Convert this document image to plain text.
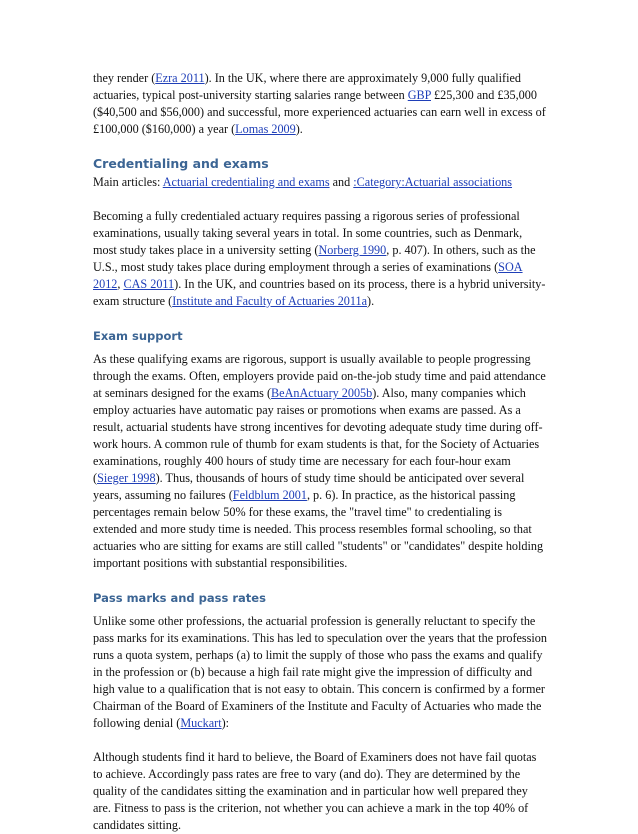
they render (Ezra 2011). In the UK, where there are approximately 9,000 fully qualified actuaries, typical post-university starting salaries range between GBP £25,300 and £35,000 ($40,500 and $56,000) and successful, more experienced actuaries can earn well in excess of £100,000 ($160,000) a year (Lomas 2009).

Credentialing and exams

Main articles: Actuarial credentialing and exams and :Category:Actuarial associations

Becoming a fully credentialed actuary requires passing a rigorous series of professional examinations, usually taking several years in total. In some countries, such as Denmark, most study takes place in a university setting (Norberg 1990, p. 407). In others, such as the U.S., most study takes place during employment through a series of examinations (SOA 2012, CAS 2011). In the UK, and countries based on its process, there is a hybrid university-exam structure (Institute and Faculty of Actuaries 2011a).

Exam support

As these qualifying exams are rigorous, support is usually available to people progressing through the exams. Often, employers provide paid on-the-job study time and paid attendance at seminars designed for the exams (BeAnActuary 2005b). Also, many companies which employ actuaries have automatic pay raises or promotions when exams are passed. As a result, actuarial students have strong incentives for devoting adequate study time during off-work hours. A common rule of thumb for exam students is that, for the Society of Actuaries examinations, roughly 400 hours of study time are necessary for each four-hour exam (Sieger 1998). Thus, thousands of hours of study time should be anticipated over several years, assuming no failures (Feldblum 2001, p. 6). In practice, as the historical passing percentages remain below 50% for these exams, the "travel time" to credentialing is extended and more study time is needed. This process resembles formal schooling, so that actuaries who are sitting for exams are still called "students" or "candidates" despite holding important positions with substantial responsibilities.

Pass marks and pass rates

Unlike some other professions, the actuarial profession is generally reluctant to specify the pass marks for its examinations. This has led to speculation over the years that the profession runs a quota system, perhaps (a) to limit the supply of those who pass the exams and qualify in the profession or (b) because a high fail rate might give the impression of difficulty and high value to a qualification that is not easy to obtain. This concern is confirmed by a former Chairman of the Board of Examiners of the Institute and Faculty of Actuaries who made the following denial (Muckart):

Although students find it hard to believe, the Board of Examiners does not have fail quotas to achieve. Accordingly pass rates are free to vary (and do). They are determined by the quality of the candidates sitting the examination and in particular how well prepared they are. Fitness to pass is the criterion, not whether you can achieve a mark in the top 40% of candidates sitting.
